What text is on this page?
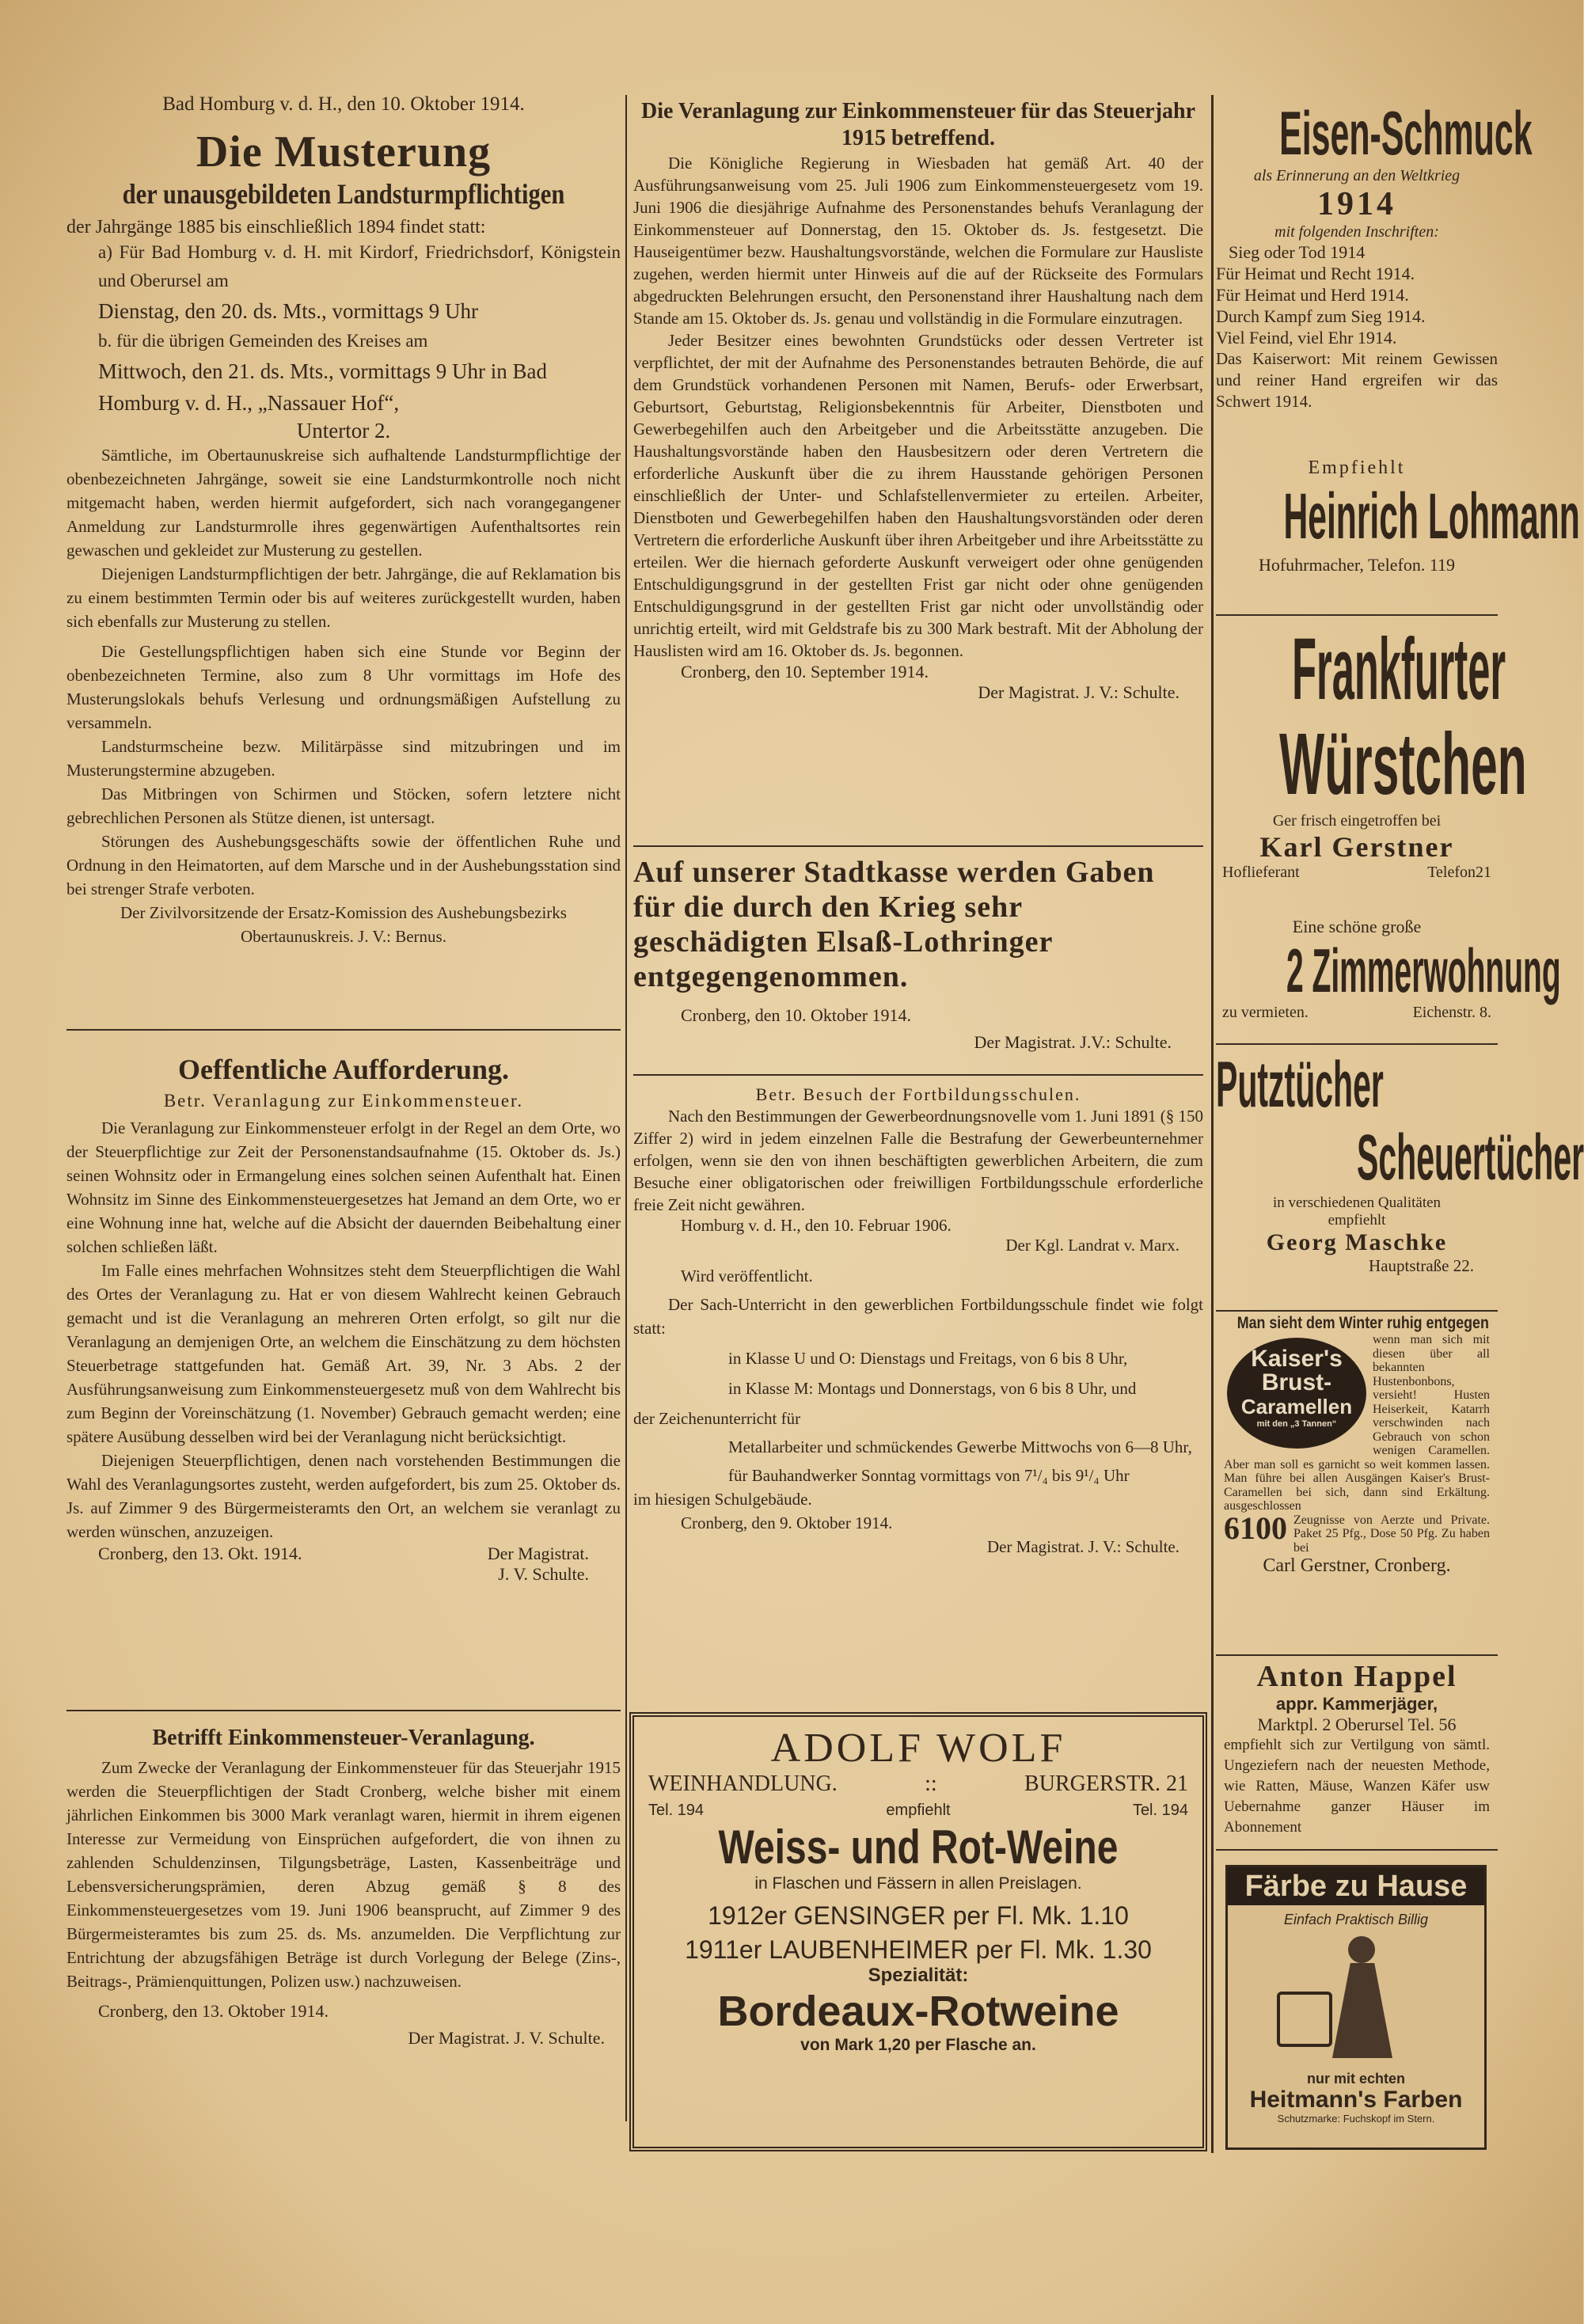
Bad Homburg v. d. H., den 10. Oktober 1914.
Die Musterung
der unausgebildeten Landsturmpflichtigen
der Jahrgänge 1885 bis einschließlich 1894 findet statt:
a) Für Bad Homburg v. d. H. mit Kirdorf, Friedrichsdorf, Königstein und Oberursel am
Dienstag, den 20. ds. Mts., vormittags 9 Uhr
b. für die übrigen Gemeinden des Kreises am
Mittwoch, den 21. ds. Mts., vormittags 9 Uhr in Bad Homburg v. d. H., „Nassauer Hof“,
Untertor 2.
Sämtliche, im Obertaunuskreise sich aufhaltende Landsturmpflichtige der obenbezeichneten Jahrgänge, soweit sie eine Landsturmkontrolle noch nicht mitgemacht haben, werden hiermit aufgefordert, sich nach vorangegangener Anmeldung zur Landsturmrolle ihres gegenwärtigen Aufenthaltsortes rein gewaschen und gekleidet zur Musterung zu gestellen.
Diejenigen Landsturmpflichtigen der betr. Jahrgänge, die auf Reklamation bis zu einem bestimmten Termin oder bis auf weiteres zurückgestellt wurden, haben sich ebenfalls zur Musterung zu stellen.
Die Gestellungspflichtigen haben sich eine Stunde vor Beginn der obenbezeichneten Termine, also zum 8 Uhr vormittags im Hofe des Musterungslokals behufs Verlesung und ordnungsmäßigen Aufstellung zu versammeln.
Landsturmscheine bezw. Militärpässe sind mitzubringen und im Musterungstermine abzugeben.
Das Mitbringen von Schirmen und Stöcken, sofern letztere nicht gebrechlichen Personen als Stütze dienen, ist untersagt.
Störungen des Aushebungsgeschäfts sowie der öffentlichen Ruhe und Ordnung in den Heimatorten, auf dem Marsche und in der Aushebungsstation sind bei strenger Strafe verboten.
Der Zivilvorsitzende der Ersatz-Komission des Aushebungsbezirks Obertaunuskreis. J. V.: Bernus.
Oeffentliche Aufforderung.
Betr. Veranlagung zur Einkommensteuer.
Die Veranlagung zur Einkommensteuer erfolgt in der Regel an dem Orte, wo der Steuerpflichtige zur Zeit der Personenstandsaufnahme (15. Oktober ds. Js.) seinen Wohnsitz oder in Ermangelung eines solchen seinen Aufenthalt hat. Einen Wohnsitz im Sinne des Einkommensteuergesetzes hat Jemand an dem Orte, wo er eine Wohnung inne hat, welche auf die Absicht der dauernden Beibehaltung einer solchen schließen läßt.
Im Falle eines mehrfachen Wohnsitzes steht dem Steuerpflichtigen die Wahl des Ortes der Veranlagung zu. Hat er von diesem Wahlrecht keinen Gebrauch gemacht und ist die Veranlagung an mehreren Orten erfolgt, so gilt nur die Veranlagung an demjenigen Orte, an welchem die Einschätzung zu dem höchsten Steuerbetrage stattgefunden hat. Gemäß Art. 39, Nr. 3 Abs. 2 der Ausführungsanweisung zum Einkommensteuergesetz muß von dem Wahlrecht bis zum Beginn der Voreinschätzung (1. November) Gebrauch gemacht werden; eine spätere Ausübung desselben wird bei der Veranlagung nicht berücksichtigt.
Diejenigen Steuerpflichtigen, denen nach vorstehenden Bestimmungen die Wahl des Veranlagungsortes zusteht, werden aufgefordert, bis zum 25. Oktober ds. Js. auf Zimmer 9 des Bürgermeisteramts den Ort, an welchem sie veranlagt zu werden wünschen, anzuzeigen.
Cronberg, den 13. Okt. 1914.	Der Magistrat.
J. V. Schulte.
Betrifft Einkommensteuer-Veranlagung.
Zum Zwecke der Veranlagung der Einkommensteuer für das Steuerjahr 1915 werden die Steuerpflichtigen der Stadt Cronberg, welche bisher mit einem jährlichen Einkommen bis 3000 Mark veranlagt waren, hiermit in ihrem eigenen Interesse zur Vermeidung von Einsprüchen aufgefordert, die von ihnen zu zahlenden Schuldenzinsen, Tilgungsbeträge, Lasten, Kassenbeiträge und Lebensversicherungsprämien, deren Abzug gemäß § 8 des Einkommensteuergesetzes vom 19. Juni 1906 beansprucht, auf Zimmer 9 des Bürgermeisteramtes bis zum 25. ds. Ms. anzumelden. Die Verpflichtung zur Entrichtung der abzugsfähigen Beträge ist durch Vorlegung der Belege (Zins-, Beitrags-, Prämienquittungen, Polizen usw.) nachzuweisen.
Cronberg, den 13. Oktober 1914.
Der Magistrat. J. V. Schulte.
Die Veranlagung zur Einkommensteuer für das Steuerjahr 1915 betreffend.
Die Königliche Regierung in Wiesbaden hat gemäß Art. 40 der Ausführungsanweisung vom 25. Juli 1906 zum Einkommensteuergesetz vom 19. Juni 1906 die diesjährige Aufnahme des Personenstandes behufs Veranlagung der Einkommensteuer auf Donnerstag, den 15. Oktober ds. Js. festgesetzt. Die Hauseigentümer bezw. Haushaltungsvorstände, welchen die Formulare zur Hausliste zugehen, werden hiermit unter Hinweis auf die auf der Rückseite des Formulars abgedruckten Belehrungen ersucht, den Personenstand ihrer Haushaltung nach dem Stande am 15. Oktober ds. Js. genau und vollständig in die Formulare einzutragen.
Jeder Besitzer eines bewohnten Grundstücks oder dessen Vertreter ist verpflichtet, der mit der Aufnahme des Personenstandes betrauten Behörde, die auf dem Grundstück vorhandenen Personen mit Namen, Berufs- oder Erwerbsart, Geburtsort, Geburtstag, Religionsbekenntnis für Arbeiter, Dienstboten und Gewerbegehilfen auch den Arbeitgeber und die Arbeitsstätte anzugeben. Die Haushaltungsvorstände haben den Hausbesitzern oder deren Vertretern die erforderliche Auskunft über die zu ihrem Hausstande gehörigen Personen einschließlich der Unter- und Schlafstellenvermieter zu erteilen. Arbeiter, Dienstboten und Gewerbegehilfen haben den Haushaltungsvorständen oder deren Vertretern die erforderliche Auskunft über ihren Arbeitgeber und ihre Arbeitsstätte zu erteilen. Wer die hiernach geforderte Auskunft verweigert oder ohne genügenden Entschuldigungsgrund in der gestellten Frist gar nicht oder ohne genügenden Entschuldigungsgrund in der gestellten Frist gar nicht oder unvollständig oder unrichtig erteilt, wird mit Geldstrafe bis zu 300 Mark bestraft. Mit der Abholung der Hauslisten wird am 16. Oktober ds. Js. begonnen.
Cronberg, den 10. September 1914.
Der Magistrat. J. V.: Schulte.
Auf unserer Stadtkasse werden Gaben für die durch den Krieg sehr geschädigten Elsaß-Lothringer entgegengenommen.
Cronberg, den 10. Oktober 1914.
Der Magistrat. J.V.: Schulte.
Betr. Besuch der Fortbildungsschulen.
Nach den Bestimmungen der Gewerbeordnungsnovelle vom 1. Juni 1891 (§ 150 Ziffer 2) wird in jedem einzelnen Falle die Bestrafung der Gewerbeunternehmer erfolgen, wenn sie den von ihnen beschäftigten gewerblichen Arbeitern, die zum Besuche einer obligatorischen oder freiwilligen Fortbildungsschule erforderliche freie Zeit nicht gewähren.
Homburg v. d. H., den 10. Februar 1906.
Der Kgl. Landrat v. Marx.
Wird veröffentlicht.
Der Sach-Unterricht in den gewerblichen Fortbildungsschule findet wie folgt statt:
in Klasse U und O: Dienstags und Freitags, von 6 bis 8 Uhr,
in Klasse M: Montags und Donnerstags, von 6 bis 8 Uhr, und
der Zeichenunterricht für
Metallarbeiter und schmückendes Gewerbe Mittwochs von 6—8 Uhr,
für Bauhandwerker Sonntag vormittags von 7¹/₄ bis 9¹/₄ Uhr
im hiesigen Schulgebäude.
Cronberg, den 9. Oktober 1914.
Der Magistrat. J. V.: Schulte.
ADOLF WOLF
WEINHANDLUNG.	::	BURGERSTR. 21
Tel. 194	empfiehlt	Tel. 194
Weiss- und Rot-Weine
in Flaschen und Fässern in allen Preislagen.
1912er GENSINGER per Fl. Mk. 1.10
1911er LAUBENHEIMER per Fl. Mk. 1.30
Spezialität:
Bordeaux-Rotweine
von Mark 1,20 per Flasche an.
Eisen-Schmuck
als Erinnerung an den Weltkrieg
1914
mit folgenden Inschriften:
Sieg oder Tod 1914
Für Heimat und Recht 1914.
Für Heimat und Herd 1914.
Durch Kampf zum Sieg 1914.
Viel Feind, viel Ehr 1914.
Das Kaiserwort: Mit reinem Gewissen und reiner Hand ergreifen wir das Schwert 1914.
Empfiehlt
Heinrich Lohmann
Hofuhrmacher, Telefon. 119
Frankfurter
Würstchen
Ger frisch eingetroffen bei
Karl Gerstner
Hoflieferant	Telefon21
Eine schöne große
2 Zimmerwohnung
zu vermieten.	Eichenstr. 8.
Putztücher
Scheuertücher
in verschiedenen Qualitäten
empfiehlt
Georg Maschke
Hauptstraße 22.
Man sieht dem Winter ruhig entgegen
Kaiser's
Brust-
Caramellen
mit den „3 Tannen“
wenn man sich mit diesen über all bekannten Hustenbonbons, versieht! Husten Heiserkeit, Katarrh verschwinden nach Gebrauch von schon wenigen Caramellen. Aber man soll es garnicht so weit kommen lassen. Man führe bei allen Ausgängen Kaiser's Brust-Caramellen bei sich, dann sind Erkältung. ausgeschlossen
6100 Zeugnisse von Aerzte und Private. Paket 25 Pfg., Dose 50 Pfg. Zu haben bei
Carl Gerstner, Cronberg.
Anton Happel
appr. Kammerjäger,
Marktpl. 2 Oberursel Tel. 56
empfiehlt sich zur Vertilgung von sämtl. Ungeziefern nach der neuesten Methode, wie Ratten, Mäuse, Wanzen Käfer usw Uebernahme ganzer Häuser im Abonnement
Färbe zu Hause
Einfach Praktisch Billig
nur mit echten
Heitmann's Farben
Schutzmarke: Fuchskopf im Stern.
